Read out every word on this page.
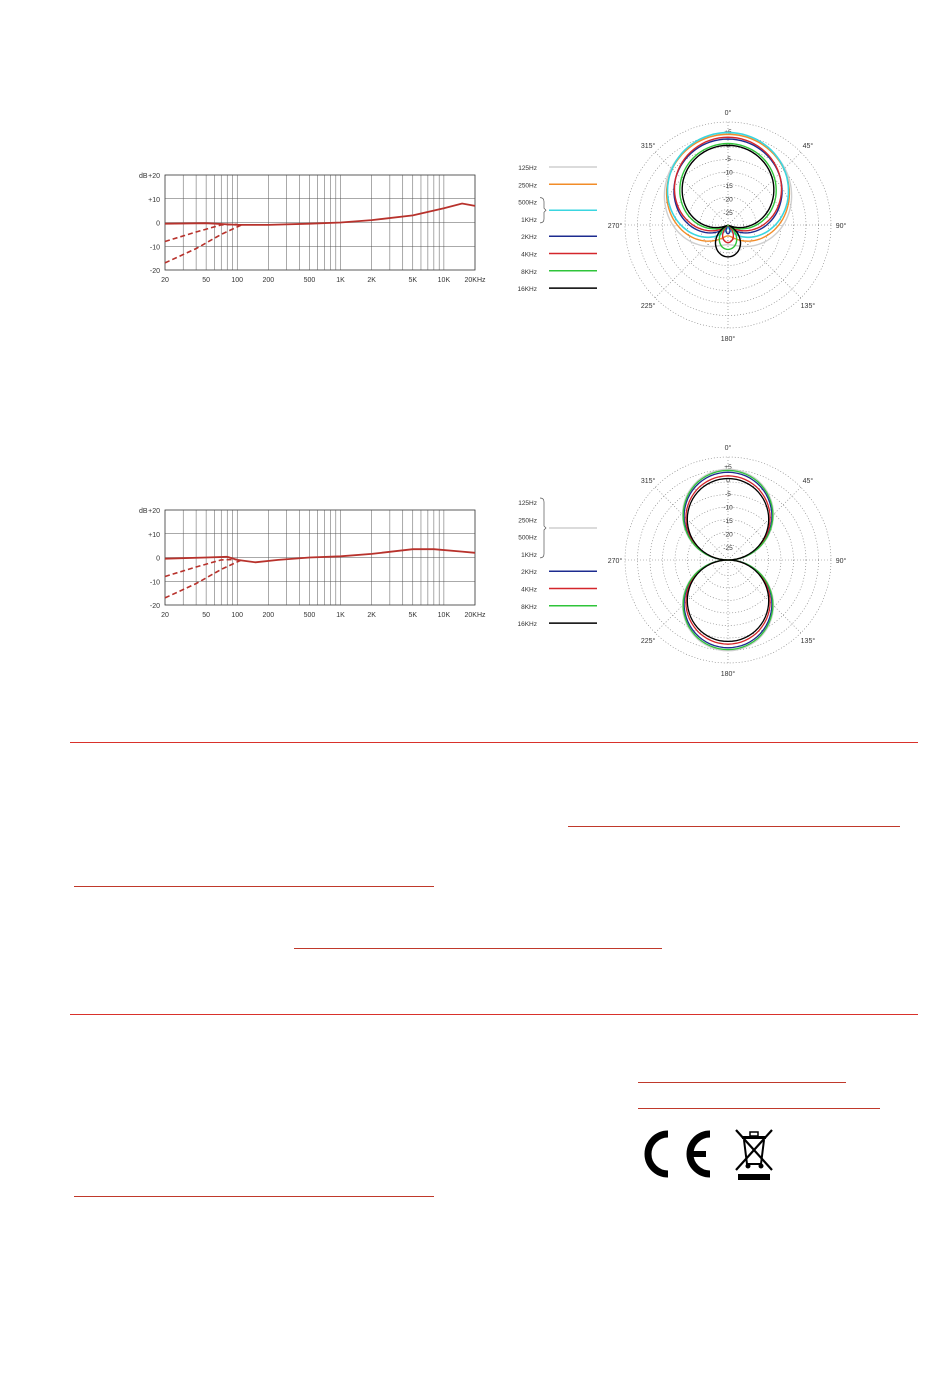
+20
+10
0
-10
-20
dB
20	50	100	200	500	1K	2K	5K	10K 20KHz
125Hz
250Hz
500Hz
1KHz
2KHz
4KHz
8KHz
16KHz
0°
45°
90°
135°
180°
225°
270°
315°
+5
0
-5
-10
-15
-20
-25
+20
+10
0
-10
-20
dB
20	50	100	200	500	1K	2K	5K	10K 20KHz
125Hz
250Hz
500Hz
1KHz
2KHz
4KHz
8KHz
16KHz
0°
45°
90°
135°
180°
225°
270°
315°
+5
0
-5
-10
-15
-20
-25
